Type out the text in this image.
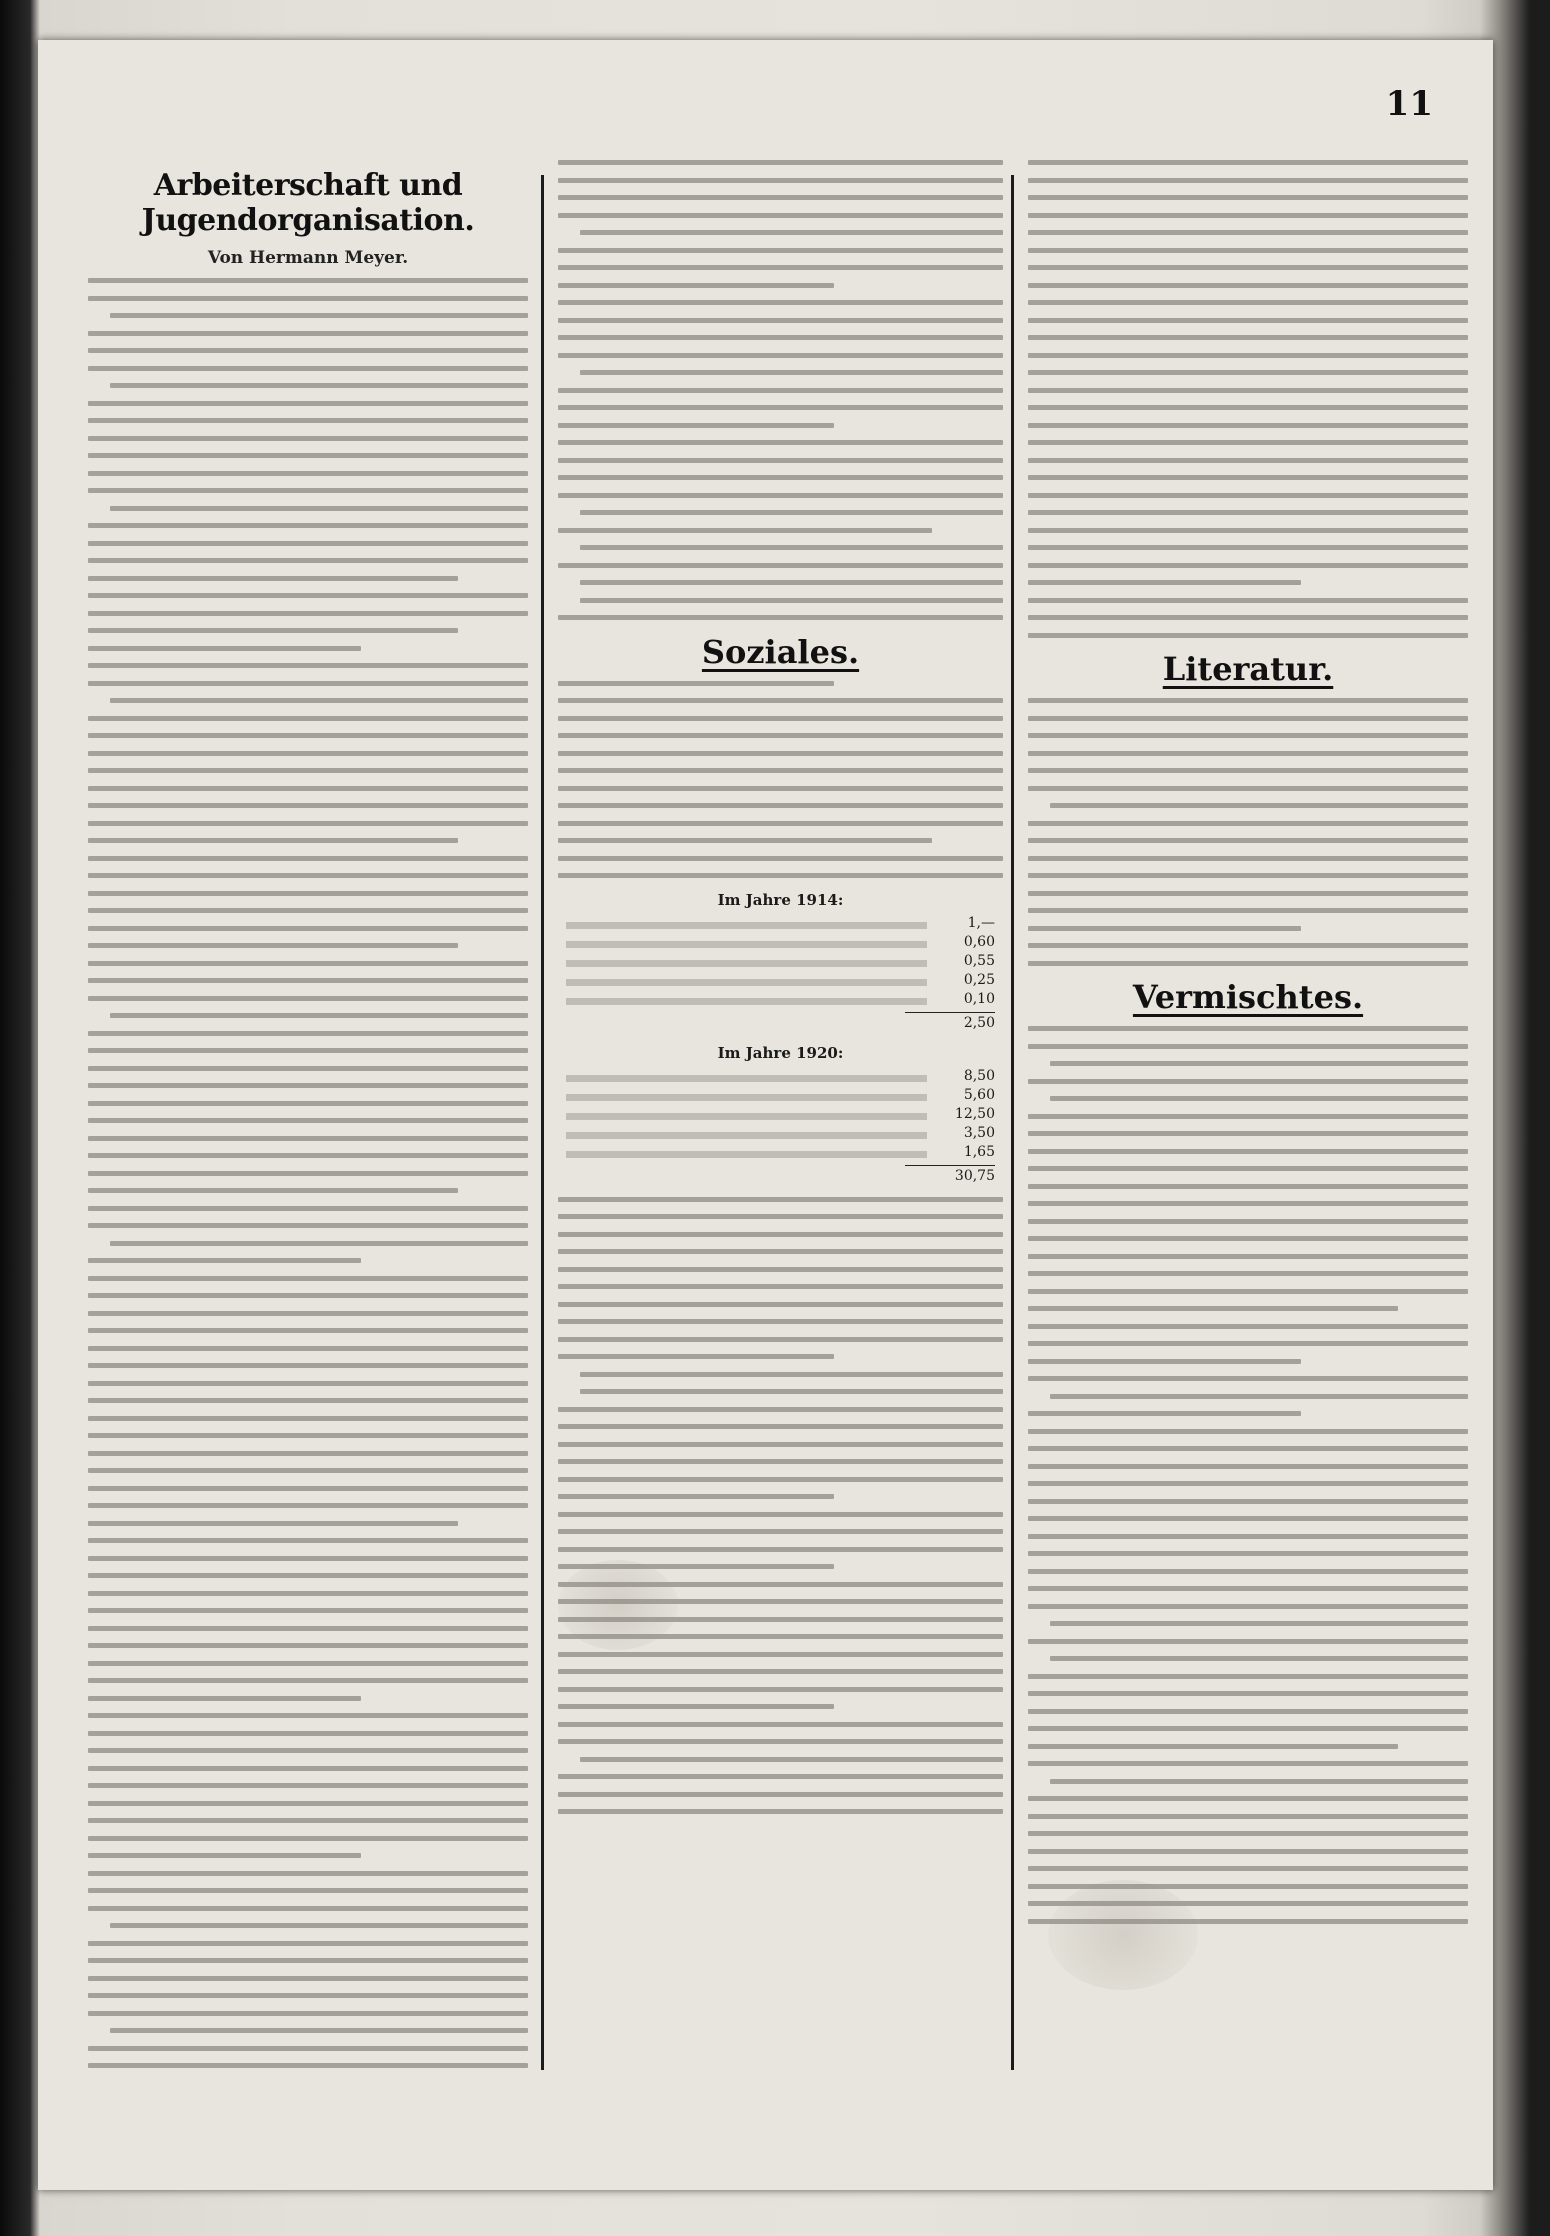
11
Arbeiterschaft und Jugendorganisation.
Von Hermann Meyer.
Soziales.
Im Jahre 1914:
1,—
0,60
0,55
0,25
0,10
2,50
Im Jahre 1920:
8,50
5,60
12,50
3,50
1,65
30,75
Literatur.
Vermischtes.
